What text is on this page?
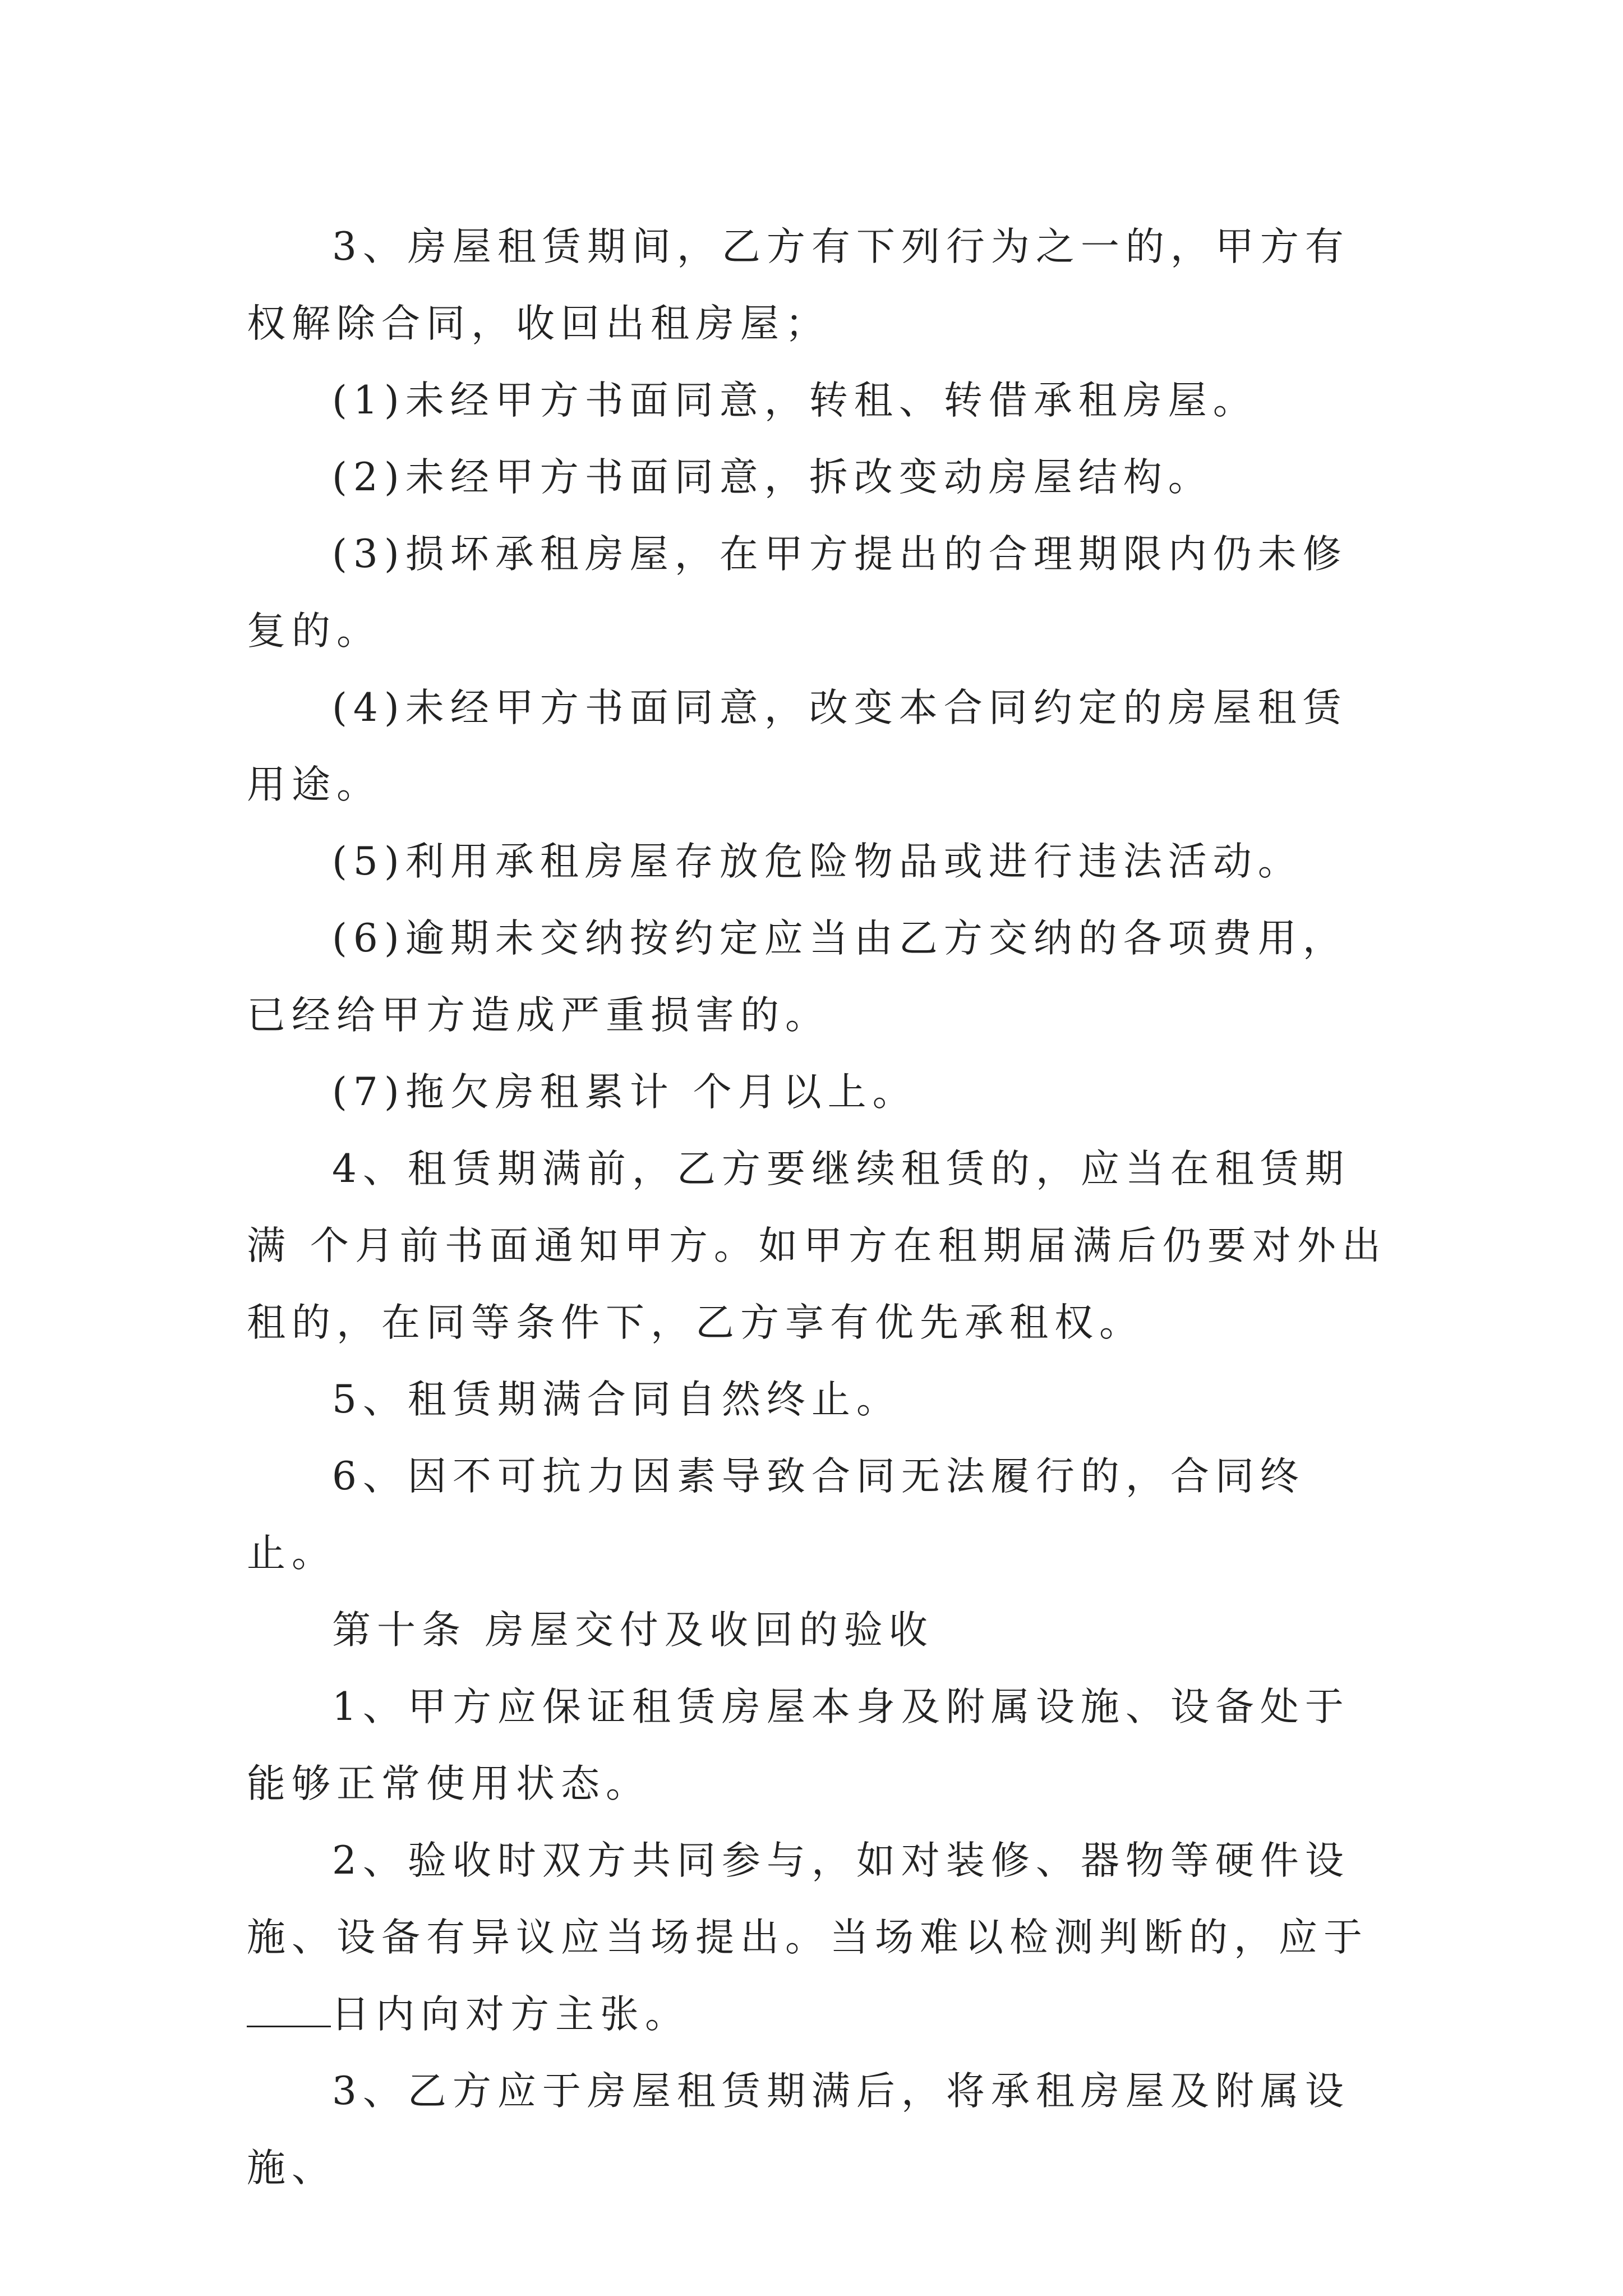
3、房屋租赁期间，乙方有下列行为之一的，甲方有权解除合同，收回出租房屋；

(1)未经甲方书面同意，转租、转借承租房屋。

(2)未经甲方书面同意，拆改变动房屋结构。

(3)损坏承租房屋，在甲方提出的合理期限内仍未修复的。

(4)未经甲方书面同意，改变本合同约定的房屋租赁用途。

(5)利用承租房屋存放危险物品或进行违法活动。

(6)逾期未交纳按约定应当由乙方交纳的各项费用，已经给甲方造成严重损害的。

(7)拖欠房租累计 个月以上。

4、租赁期满前，乙方要继续租赁的，应当在租赁期满 个月前书面通知甲方。如甲方在租期届满后仍要对外出租的，在同等条件下，乙方享有优先承租权。

5、租赁期满合同自然终止。

6、因不可抗力因素导致合同无法履行的，合同终止。

第十条 房屋交付及收回的验收

1、甲方应保证租赁房屋本身及附属设施、设备处于能够正常使用状态。

2、验收时双方共同参与，如对装修、器物等硬件设施、设备有异议应当场提出。当场难以检测判断的，应于日内向对方主张。

3、乙方应于房屋租赁期满后，将承租房屋及附属设施、
